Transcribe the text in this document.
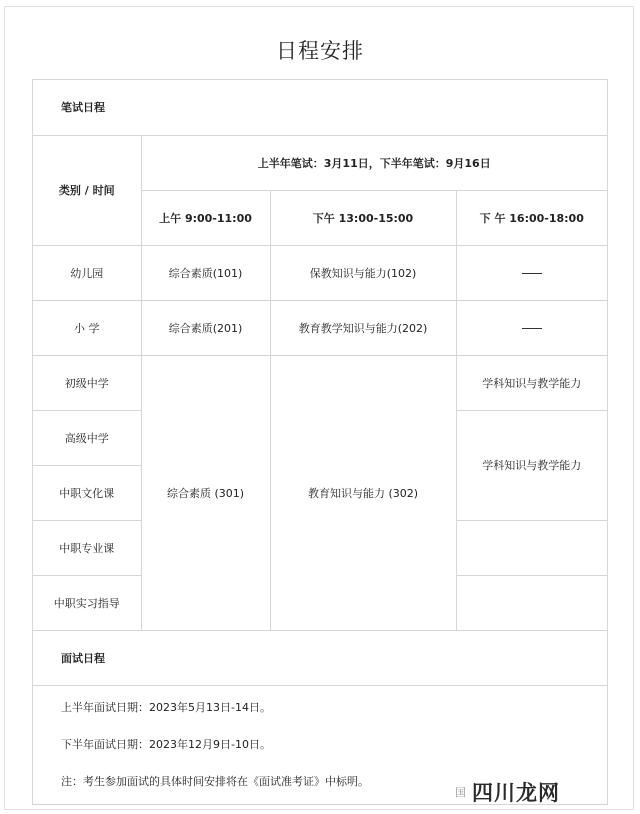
日程安排
笔试日程			
类别 / 时间	上半年笔试：3月11日，下半年笔试：9月16日		
	上午 9:00-11:00	下午 13:00-15:00	下 午 16:00-18:00
幼儿园	综合素质(101)	保教知识与能力(102)	
小 学	综合素质(201)	教育教学知识与能力(202)	
初级中学	综合素质 (301)	教育知识与能力 (302)	学科知识与教学能力
高级中学			学科知识与教学能力
中职文化课			
中职专业课			
中职实习指导			
面试日程			
上半年面试日期：2023年5月13日-14日。
下半年面试日期：2023年12月9日-10日。
注：考生参加面试的具体时间安排将在《面试准考证》中标明。
国 四川龙网
